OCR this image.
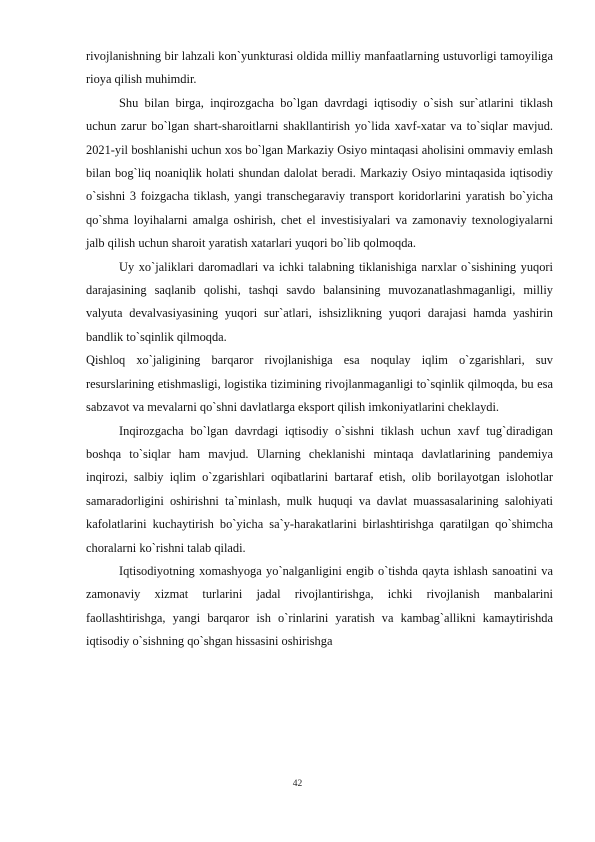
rivojlanishning bir lahzali kon`yunkturasi oldida milliy manfaatlarning ustuvorligi tamoyiliga rioya qilish muhimdir.

Shu bilan birga, inqirozgacha bo`lgan davrdagi iqtisodiy o`sish sur`atlarini tiklash uchun zarur bo`lgan shart-sharoitlarni shakllantirish yo`lida xavf-xatar va to`siqlar mavjud. 2021-yil boshlanishi uchun xos bo`lgan Markaziy Osiyo mintaqasi aholisini ommaviy emlash bilan bog`liq noaniqlik holati shundan dalolat beradi. Markaziy Osiyo mintaqasida iqtisodiy o`sishni 3 foizgacha tiklash, yangi transchegaraviy transport koridorlarini yaratish bo`yicha qo`shma loyihalarni amalga oshirish, chet el investisiyalari va zamonaviy texnologiyalarni jalb qilish uchun sharoit yaratish xatarlari yuqori bo`lib qolmoqda.

Uy xo`jaliklari daromadlari va ichki talabning tiklanishiga narxlar o`sishining yuqori darajasining saqlanib qolishi, tashqi savdo balansining muvozanatlashmaganligi, milliy valyuta devalvasiyasining yuqori sur`atlari, ishsizlikning yuqori darajasi hamda yashirin bandlik to`sqinlik qilmoqda.

Qishloq xo`jaligining barqaror rivojlanishiga esa noqulay iqlim o`zgarishlari, suv resurslarining etishmasligi, logistika tizimining rivojlanmaganligi to`sqinlik qilmoqda, bu esa sabzavot va mevalarni qo`shni davlatlarga eksport qilish imkoniyatlarini cheklaydi.

Inqirozgacha bo`lgan davrdagi iqtisodiy o`sishni tiklash uchun xavf tug`diradigan boshqa to`siqlar ham mavjud. Ularning cheklanishi mintaqa davlatlarining pandemiya inqirozi, salbiy iqlim o`zgarishlari oqibatlarini bartaraf etish, olib borilayotgan islohotlar samaradorligini oshirishni ta`minlash, mulk huquqi va davlat muassasalarining salohiyati kafolatlarini kuchaytirish bo`yicha sa`y-harakatlarini birlashtirishga qaratilgan qo`shimcha choralarni ko`rishni talab qiladi.

Iqtisodiyotning xomashyoga yo`nalganligini engib o`tishda qayta ishlash sanoatini va zamonaviy xizmat turlarini jadal rivojlantirishga, ichki rivojlanish manbalarini faollashtirishga, yangi barqaror ish o`rinlarini yaratish va kambag`allikni kamaytirishda iqtisodiy o`sishning qo`shgan hissasini oshirishga

42
